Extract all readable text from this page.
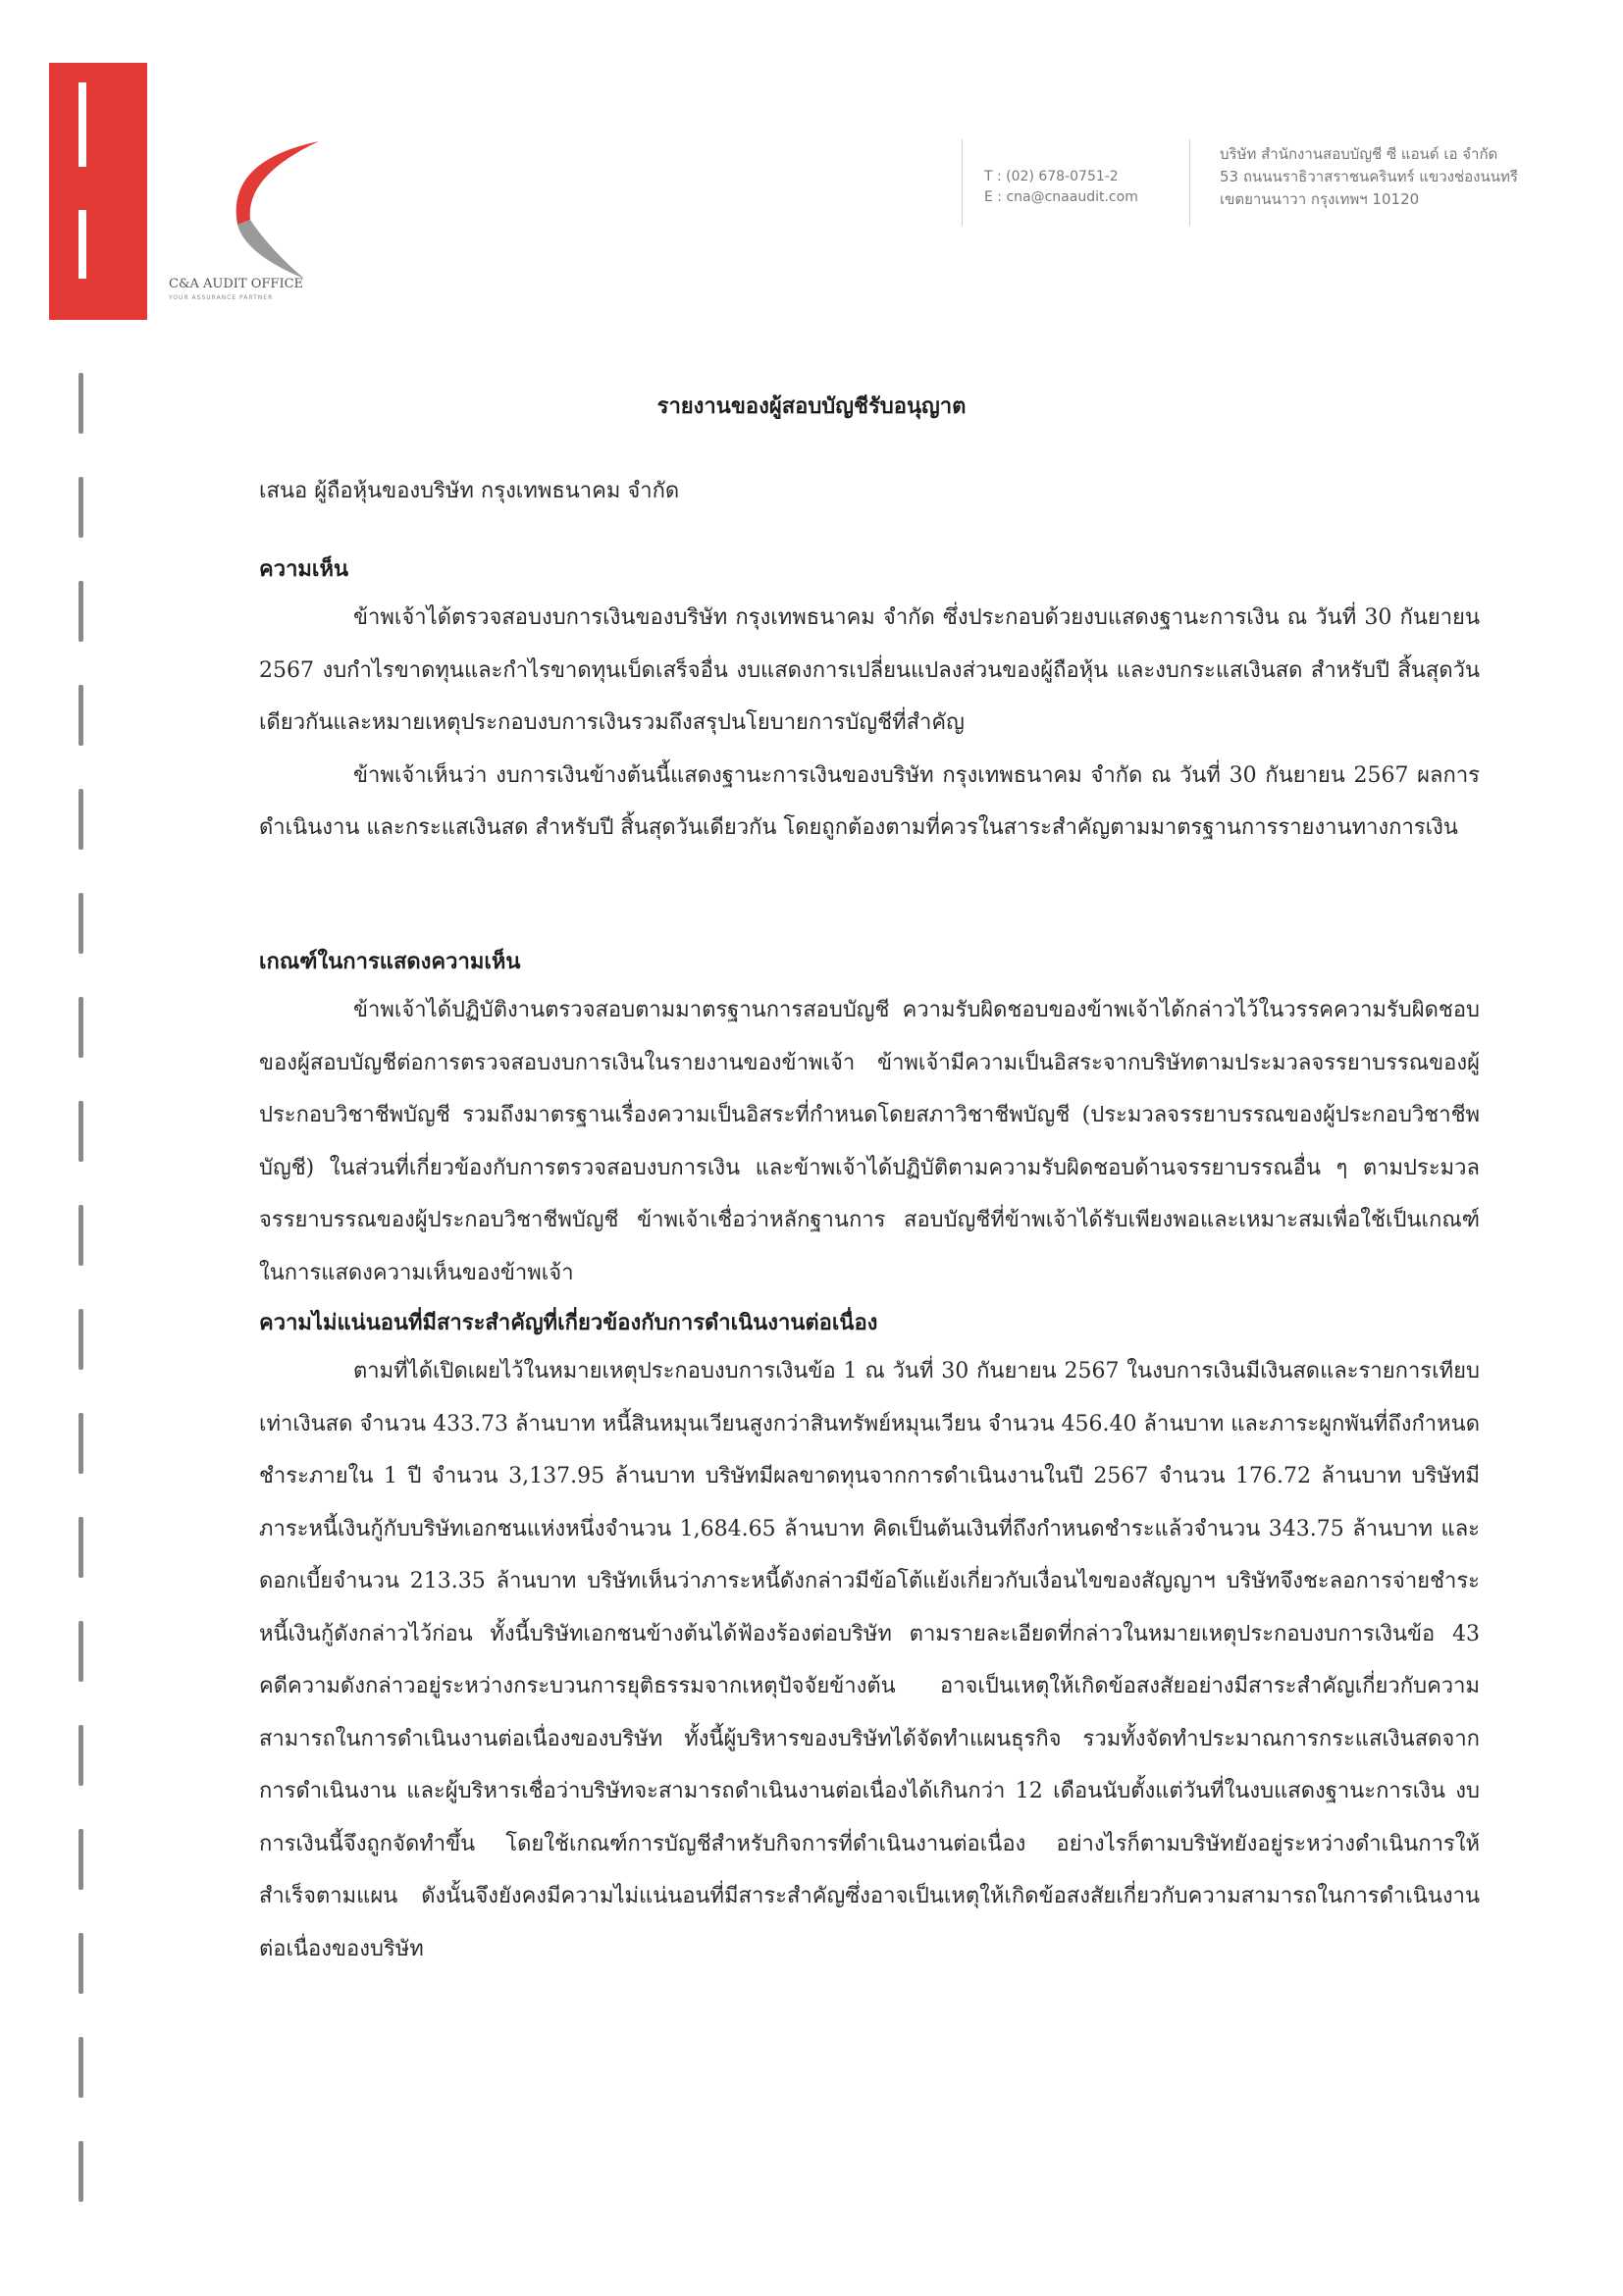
C&A AUDIT OFFICE
YOUR ASSURANCE PARTNER
T : (02) 678-0751-2
E : cna@cnaaudit.com
บริษัท สำนักงานสอบบัญชี ซี แอนด์ เอ จำกัด
53 ถนนนราธิวาสราชนครินทร์ แขวงช่องนนทรี
เขตยานนาวา กรุงเทพฯ 10120
รายงานของผู้สอบบัญชีรับอนุญาต
เสนอ ผู้ถือหุ้นของบริษัท กรุงเทพธนาคม จำกัด
ความเห็น

ข้าพเจ้าได้ตรวจสอบงบการเงินของบริษัท กรุงเทพธนาคม จำกัด ซึ่งประกอบด้วยงบแสดงฐานะการเงิน ณ วันที่ 30 กันยายน 2567 งบกำไรขาดทุนและกำไรขาดทุนเบ็ดเสร็จอื่น งบแสดงการเปลี่ยนแปลงส่วนของผู้ถือหุ้น และงบกระแสเงินสด สำหรับปี สิ้นสุดวันเดียวกันและหมายเหตุประกอบงบการเงินรวมถึงสรุปนโยบายการบัญชีที่สำคัญ

ข้าพเจ้าเห็นว่า งบการเงินข้างต้นนี้แสดงฐานะการเงินของบริษัท กรุงเทพธนาคม จำกัด ณ วันที่ 30 กันยายน 2567 ผลการดำเนินงาน และกระแสเงินสด สำหรับปี สิ้นสุดวันเดียวกัน โดยถูกต้องตามที่ควรในสาระสำคัญตามมาตรฐานการรายงานทางการเงิน

เกณฑ์ในการแสดงความเห็น

ข้าพเจ้าได้ปฏิบัติงานตรวจสอบตามมาตรฐานการสอบบัญชี ความรับผิดชอบของข้าพเจ้าได้กล่าวไว้ในวรรคความรับผิดชอบของผู้สอบบัญชีต่อการตรวจสอบงบการเงินในรายงานของข้าพเจ้า ข้าพเจ้ามีความเป็นอิสระจากบริษัทตามประมวลจรรยาบรรณของผู้ประกอบวิชาชีพบัญชี รวมถึงมาตรฐานเรื่องความเป็นอิสระที่กำหนดโดยสภาวิชาชีพบัญชี (ประมวลจรรยาบรรณของผู้ประกอบวิชาชีพบัญชี) ในส่วนที่เกี่ยวข้องกับการตรวจสอบงบการเงิน และข้าพเจ้าได้ปฏิบัติตามความรับผิดชอบด้านจรรยาบรรณอื่น ๆ ตามประมวลจรรยาบรรณของผู้ประกอบวิชาชีพบัญชี ข้าพเจ้าเชื่อว่าหลักฐานการ สอบบัญชีที่ข้าพเจ้าได้รับเพียงพอและเหมาะสมเพื่อใช้เป็นเกณฑ์ในการแสดงความเห็นของข้าพเจ้า

ความไม่แน่นอนที่มีสาระสำคัญที่เกี่ยวข้องกับการดำเนินงานต่อเนื่อง

ตามที่ได้เปิดเผยไว้ในหมายเหตุประกอบงบการเงินข้อ 1 ณ วันที่ 30 กันยายน 2567 ในงบการเงินมีเงินสดและรายการเทียบเท่าเงินสด จำนวน 433.73 ล้านบาท หนี้สินหมุนเวียนสูงกว่าสินทรัพย์หมุนเวียน จำนวน 456.40 ล้านบาท และภาระผูกพันที่ถึงกำหนดชำระภายใน 1 ปี จำนวน 3,137.95 ล้านบาท บริษัทมีผลขาดทุนจากการดำเนินงานในปี 2567 จำนวน 176.72 ล้านบาท บริษัทมีภาระหนี้เงินกู้กับบริษัทเอกชนแห่งหนึ่งจำนวน 1,684.65 ล้านบาท คิดเป็นต้นเงินที่ถึงกำหนดชำระแล้วจำนวน 343.75 ล้านบาท และดอกเบี้ยจำนวน 213.35 ล้านบาท บริษัทเห็นว่าภาระหนี้ดังกล่าวมีข้อโต้แย้งเกี่ยวกับเงื่อนไขของสัญญาฯ บริษัทจึงชะลอการจ่ายชำระหนี้เงินกู้ดังกล่าวไว้ก่อน ทั้งนี้บริษัทเอกชนข้างต้นได้ฟ้องร้องต่อบริษัท ตามรายละเอียดที่กล่าวในหมายเหตุประกอบงบการเงินข้อ 43 คดีความดังกล่าวอยู่ระหว่างกระบวนการยุติธรรมจากเหตุปัจจัยข้างต้น อาจเป็นเหตุให้เกิดข้อสงสัยอย่างมีสาระสำคัญเกี่ยวกับความสามารถในการดำเนินงานต่อเนื่องของบริษัท ทั้งนี้ผู้บริหารของบริษัทได้จัดทำแผนธุรกิจ รวมทั้งจัดทำประมาณการกระแสเงินสดจากการดำเนินงาน และผู้บริหารเชื่อว่าบริษัทจะสามารถดำเนินงานต่อเนื่องได้เกินกว่า 12 เดือนนับตั้งแต่วันที่ในงบแสดงฐานะการเงิน งบการเงินนี้จึงถูกจัดทำขึ้น โดยใช้เกณฑ์การบัญชีสำหรับกิจการที่ดำเนินงานต่อเนื่อง อย่างไรก็ตามบริษัทยังอยู่ระหว่างดำเนินการให้สำเร็จตามแผน ดังนั้นจึงยังคงมีความไม่แน่นอนที่มีสาระสำคัญซึ่งอาจเป็นเหตุให้เกิดข้อสงสัยเกี่ยวกับความสามารถในการดำเนินงานต่อเนื่องของบริษัท
